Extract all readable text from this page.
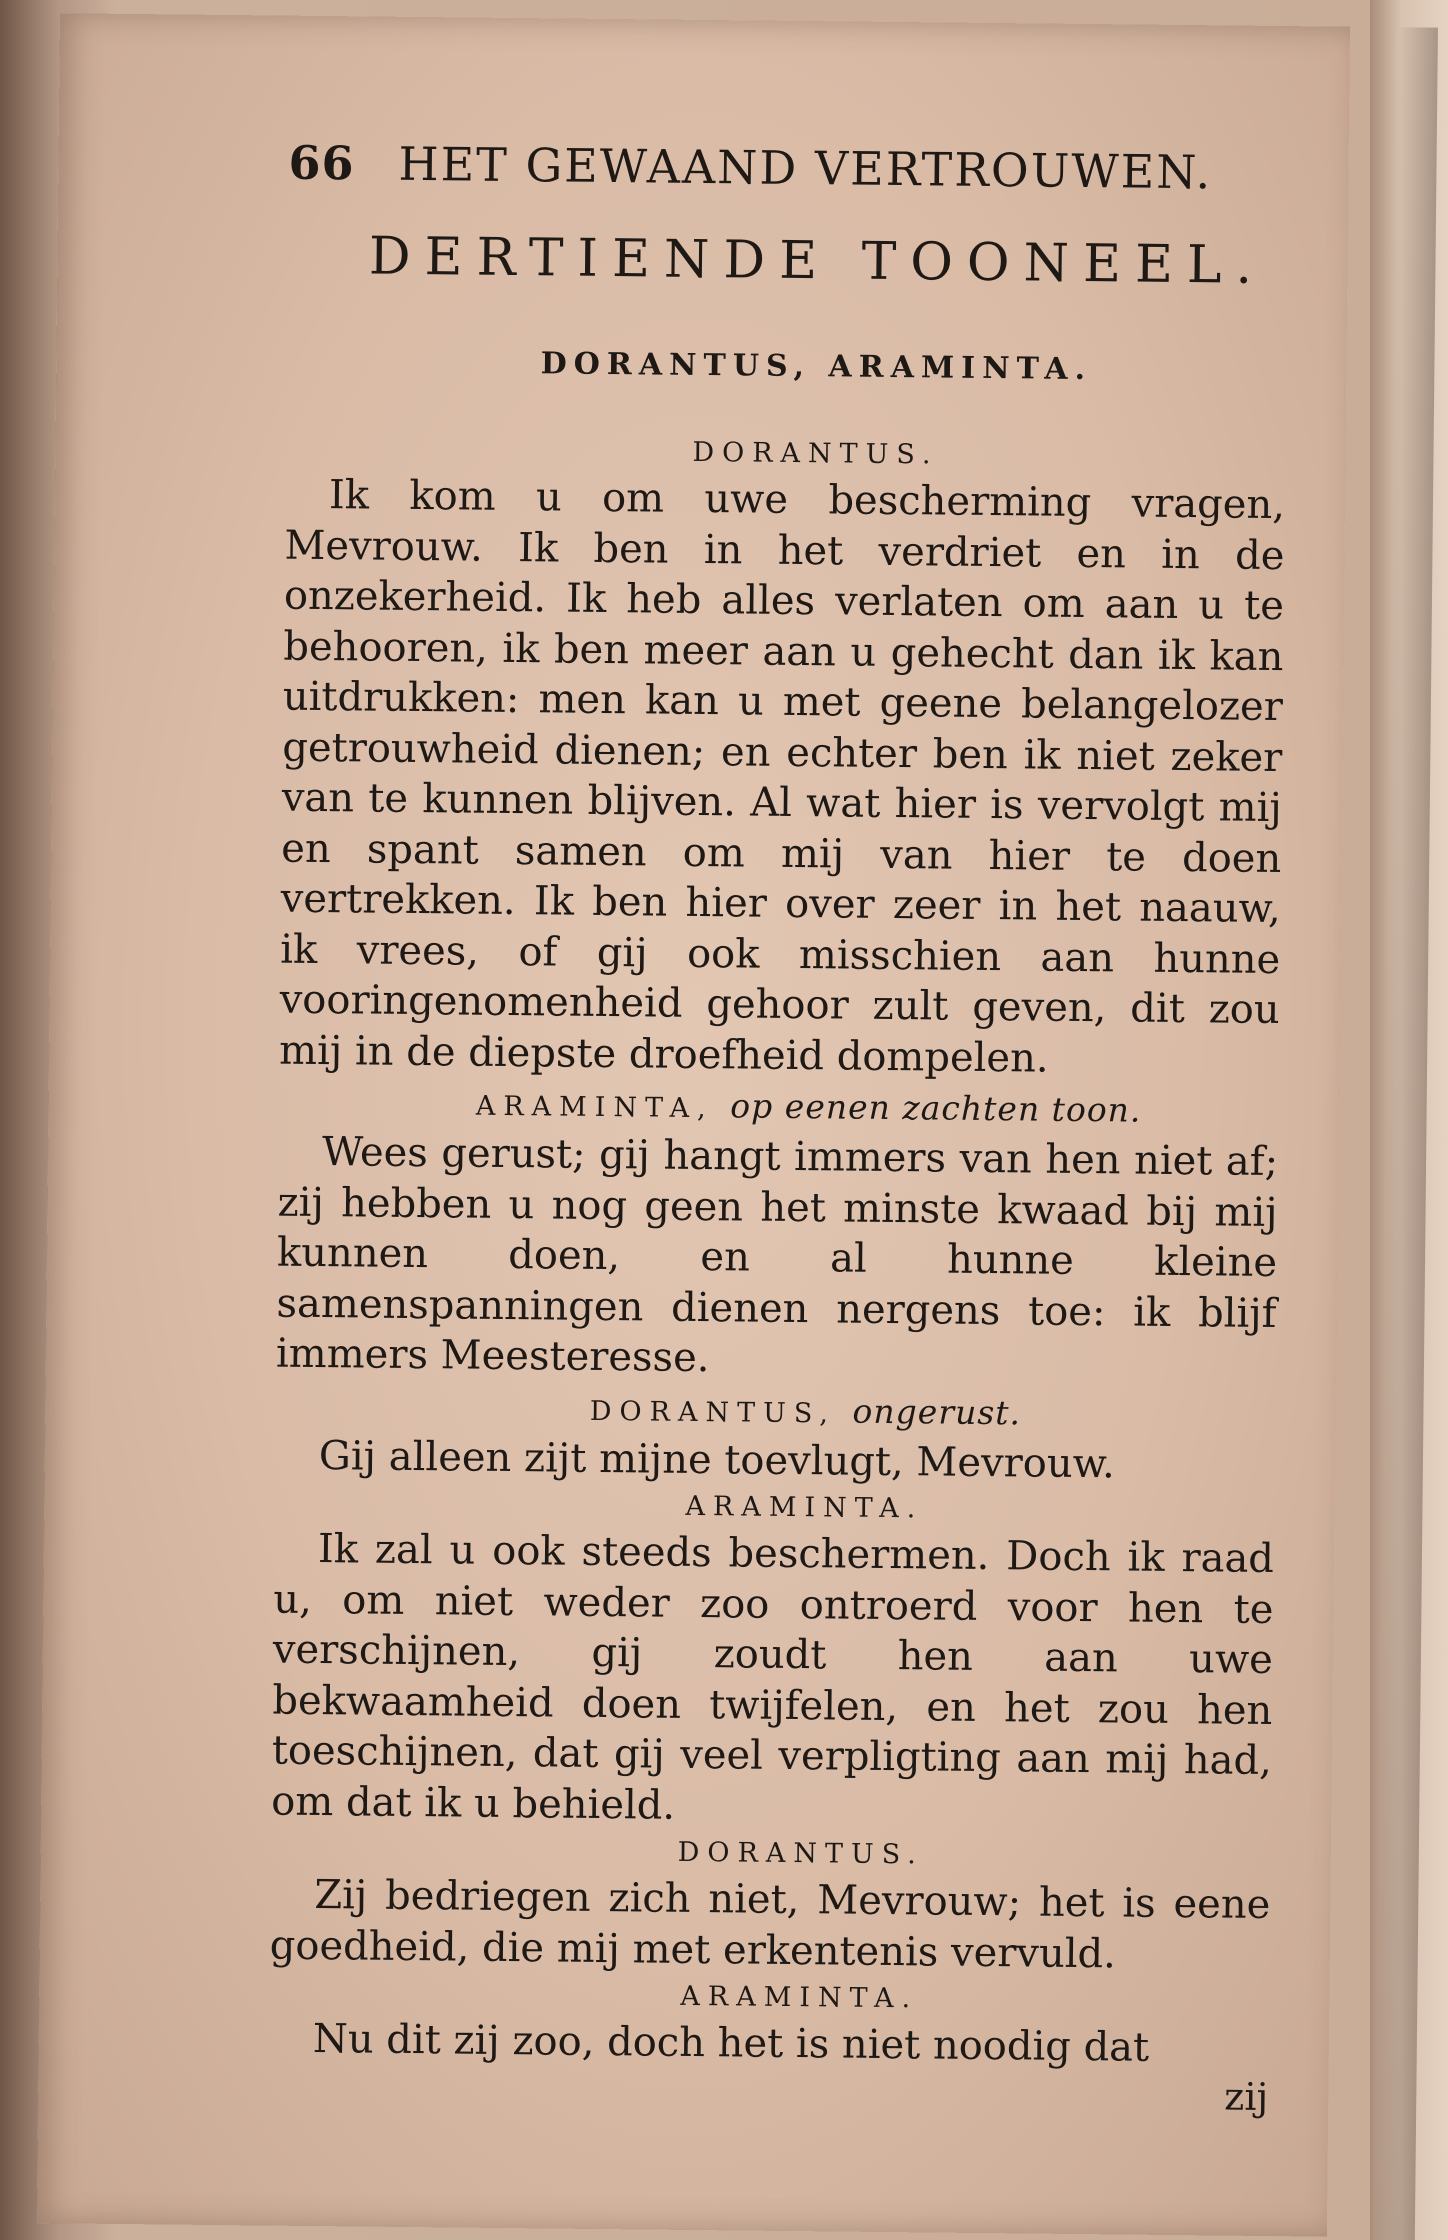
66 HET GEWAAND VERTROUWEN.
DERTIENDE TOONEEL.
DORANTUS, ARAMINTA.
DORANTUS.

Ik kom u om uwe bescherming vragen, Mevrouw. Ik ben in het verdriet en in de onzekerheid. Ik heb alles verlaten om aan u te behooren, ik ben meer aan u gehecht dan ik kan uitdrukken: men kan u met geene belangelozer getrouwheid dienen; en echter ben ik niet zeker van te kunnen blijven. Al wat hier is vervolgt mij en spant samen om mij van hier te doen vertrekken. Ik ben hier over zeer in het naauw, ik vrees, of gij ook misschien aan hunne vooringenomenheid gehoor zult geven, dit zou mij in de diepste droefheid dompelen.

ARAMINTA, op eenen zachten toon.

Wees gerust; gij hangt immers van hen niet af; zij hebben u nog geen het minste kwaad bij mij kunnen doen, en al hunne kleine samenspanningen dienen nergens toe: ik blijf immers Meesteresse.

DORANTUS, ongerust.

Gij alleen zijt mijne toevlugt, Mevrouw.

ARAMINTA.

Ik zal u ook steeds beschermen. Doch ik raad u, om niet weder zoo ontroerd voor hen te verschijnen, gij zoudt hen aan uwe bekwaamheid doen twijfelen, en het zou hen toeschijnen, dat gij veel verpligting aan mij had, om dat ik u behield.

DORANTUS.

Zij bedriegen zich niet, Mevrouw; het is eene goedheid, die mij met erkentenis vervuld.

ARAMINTA.

Nu dit zij zoo, doch het is niet noodig dat

zij
